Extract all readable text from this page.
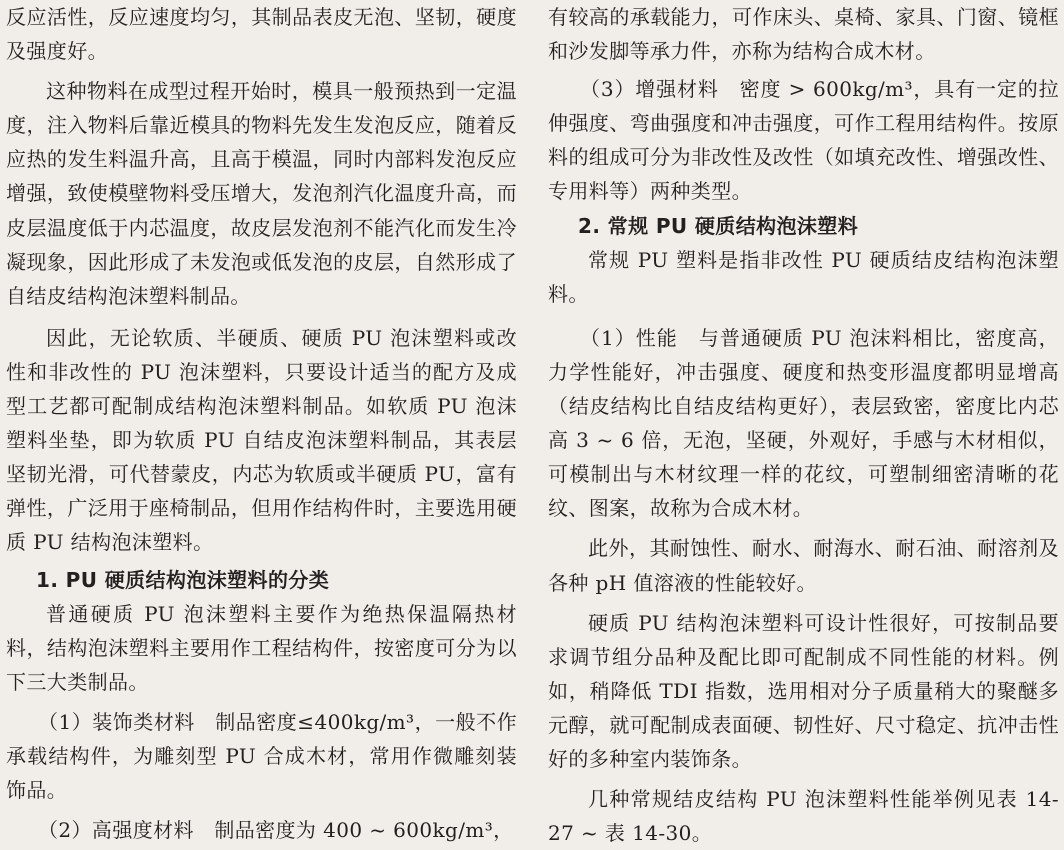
反应活性，反应速度均匀，其制品表皮无泡、坚韧，硬度及强度好。

这种物料在成型过程开始时，模具一般预热到一定温度，注入物料后靠近模具的物料先发生发泡反应，随着反应热的发生料温升高，且高于模温，同时内部料发泡反应增强，致使模壁物料受压增大，发泡剂汽化温度升高，而皮层温度低于内芯温度，故皮层发泡剂不能汽化而发生冷凝现象，因此形成了未发泡或低发泡的皮层，自然形成了自结皮结构泡沫塑料制品。

因此，无论软质、半硬质、硬质 PU 泡沫塑料或改性和非改性的 PU 泡沫塑料，只要设计适当的配方及成型工艺都可配制成结构泡沫塑料制品。如软质 PU 泡沫塑料坐垫，即为软质 PU 自结皮泡沫塑料制品，其表层坚韧光滑，可代替蒙皮，内芯为软质或半硬质 PU，富有弹性，广泛用于座椅制品，但用作结构件时，主要选用硬质 PU 结构泡沫塑料。

1. PU 硬质结构泡沫塑料的分类

普通硬质 PU 泡沫塑料主要作为绝热保温隔热材料，结构泡沫塑料主要用作工程结构件，按密度可分为以下三大类制品。

（1）装饰类材料　制品密度≤400kg/m³，一般不作承载结构件，为雕刻型 PU 合成木材，常用作微雕刻装饰品。

（2）高强度材料　制品密度为 400 ~ 600kg/m³，

有较高的承载能力，可作床头、桌椅、家具、门窗、镜框和沙发脚等承力件，亦称为结构合成木材。

（3）增强材料　密度 > 600kg/m³，具有一定的拉伸强度、弯曲强度和冲击强度，可作工程用结构件。按原料的组成可分为非改性及改性（如填充改性、增强改性、专用料等）两种类型。

2. 常规 PU 硬质结构泡沫塑料

常规 PU 塑料是指非改性 PU 硬质结皮结构泡沫塑料。

（1）性能　与普通硬质 PU 泡沫料相比，密度高，力学性能好，冲击强度、硬度和热变形温度都明显增高（结皮结构比自结皮结构更好），表层致密，密度比内芯高 3 ~ 6 倍，无泡，坚硬，外观好，手感与木材相似，可模制出与木材纹理一样的花纹，可塑制细密清晰的花纹、图案，故称为合成木材。

此外，其耐蚀性、耐水、耐海水、耐石油、耐溶剂及各种 pH 值溶液的性能较好。

硬质 PU 结构泡沫塑料可设计性很好，可按制品要求调节组分品种及配比即可配制成不同性能的材料。例如，稍降低 TDI 指数，选用相对分子质量稍大的聚醚多元醇，就可配制成表面硬、韧性好、尺寸稳定、抗冲击性好的多种室内装饰条。

几种常规结皮结构 PU 泡沫塑料性能举例见表 14-27 ~ 表 14-30。
